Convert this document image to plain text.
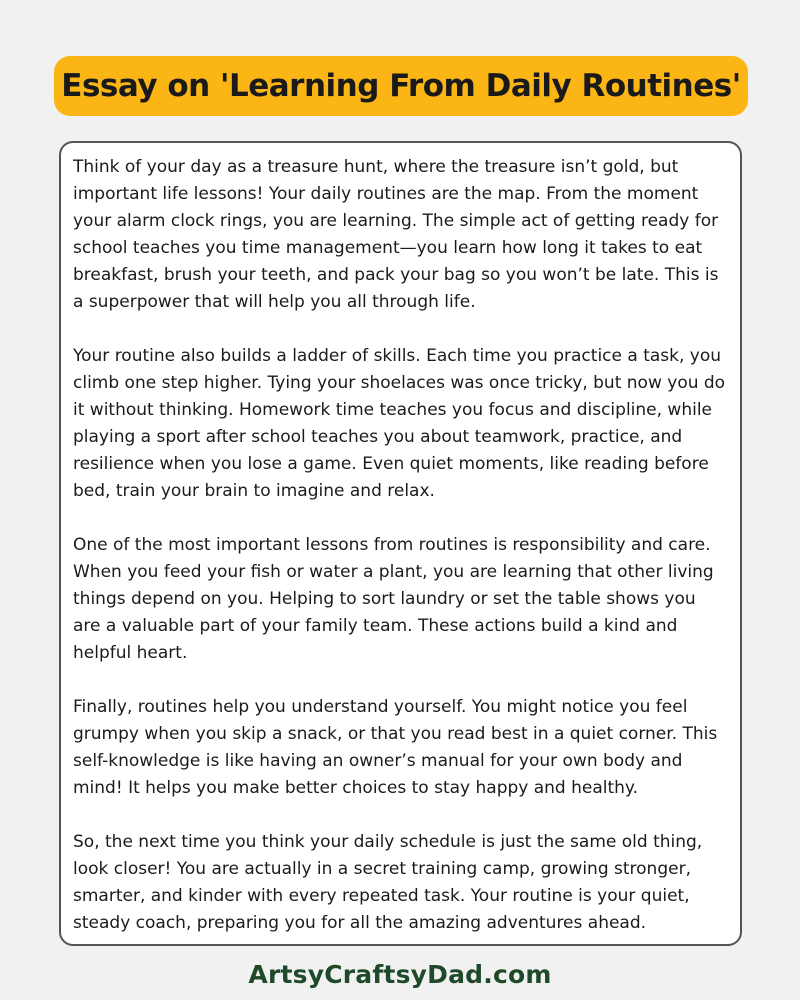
Essay on 'Learning From Daily Routines'

Think of your day as a treasure hunt, where the treasure isn’t gold, but important life lessons! Your daily routines are the map. From the moment your alarm clock rings, you are learning. The simple act of getting ready for school teaches you time management—you learn how long it takes to eat breakfast, brush your teeth, and pack your bag so you won’t be late. This is a superpower that will help you all through life.

Your routine also builds a ladder of skills. Each time you practice a task, you climb one step higher. Tying your shoelaces was once tricky, but now you do it without thinking. Homework time teaches you focus and discipline, while playing a sport after school teaches you about teamwork, practice, and resilience when you lose a game. Even quiet moments, like reading before bed, train your brain to imagine and relax.

One of the most important lessons from routines is responsibility and care. When you feed your fish or water a plant, you are learning that other living things depend on you. Helping to sort laundry or set the table shows you are a valuable part of your family team. These actions build a kind and helpful heart.

Finally, routines help you understand yourself. You might notice you feel grumpy when you skip a snack, or that you read best in a quiet corner. This self-knowledge is like having an owner’s manual for your own body and mind! It helps you make better choices to stay happy and healthy.

So, the next time you think your daily schedule is just the same old thing, look closer! You are actually in a secret training camp, growing stronger, smarter, and kinder with every repeated task. Your routine is your quiet, steady coach, preparing you for all the amazing adventures ahead.

ArtsyCraftsyDad.com
